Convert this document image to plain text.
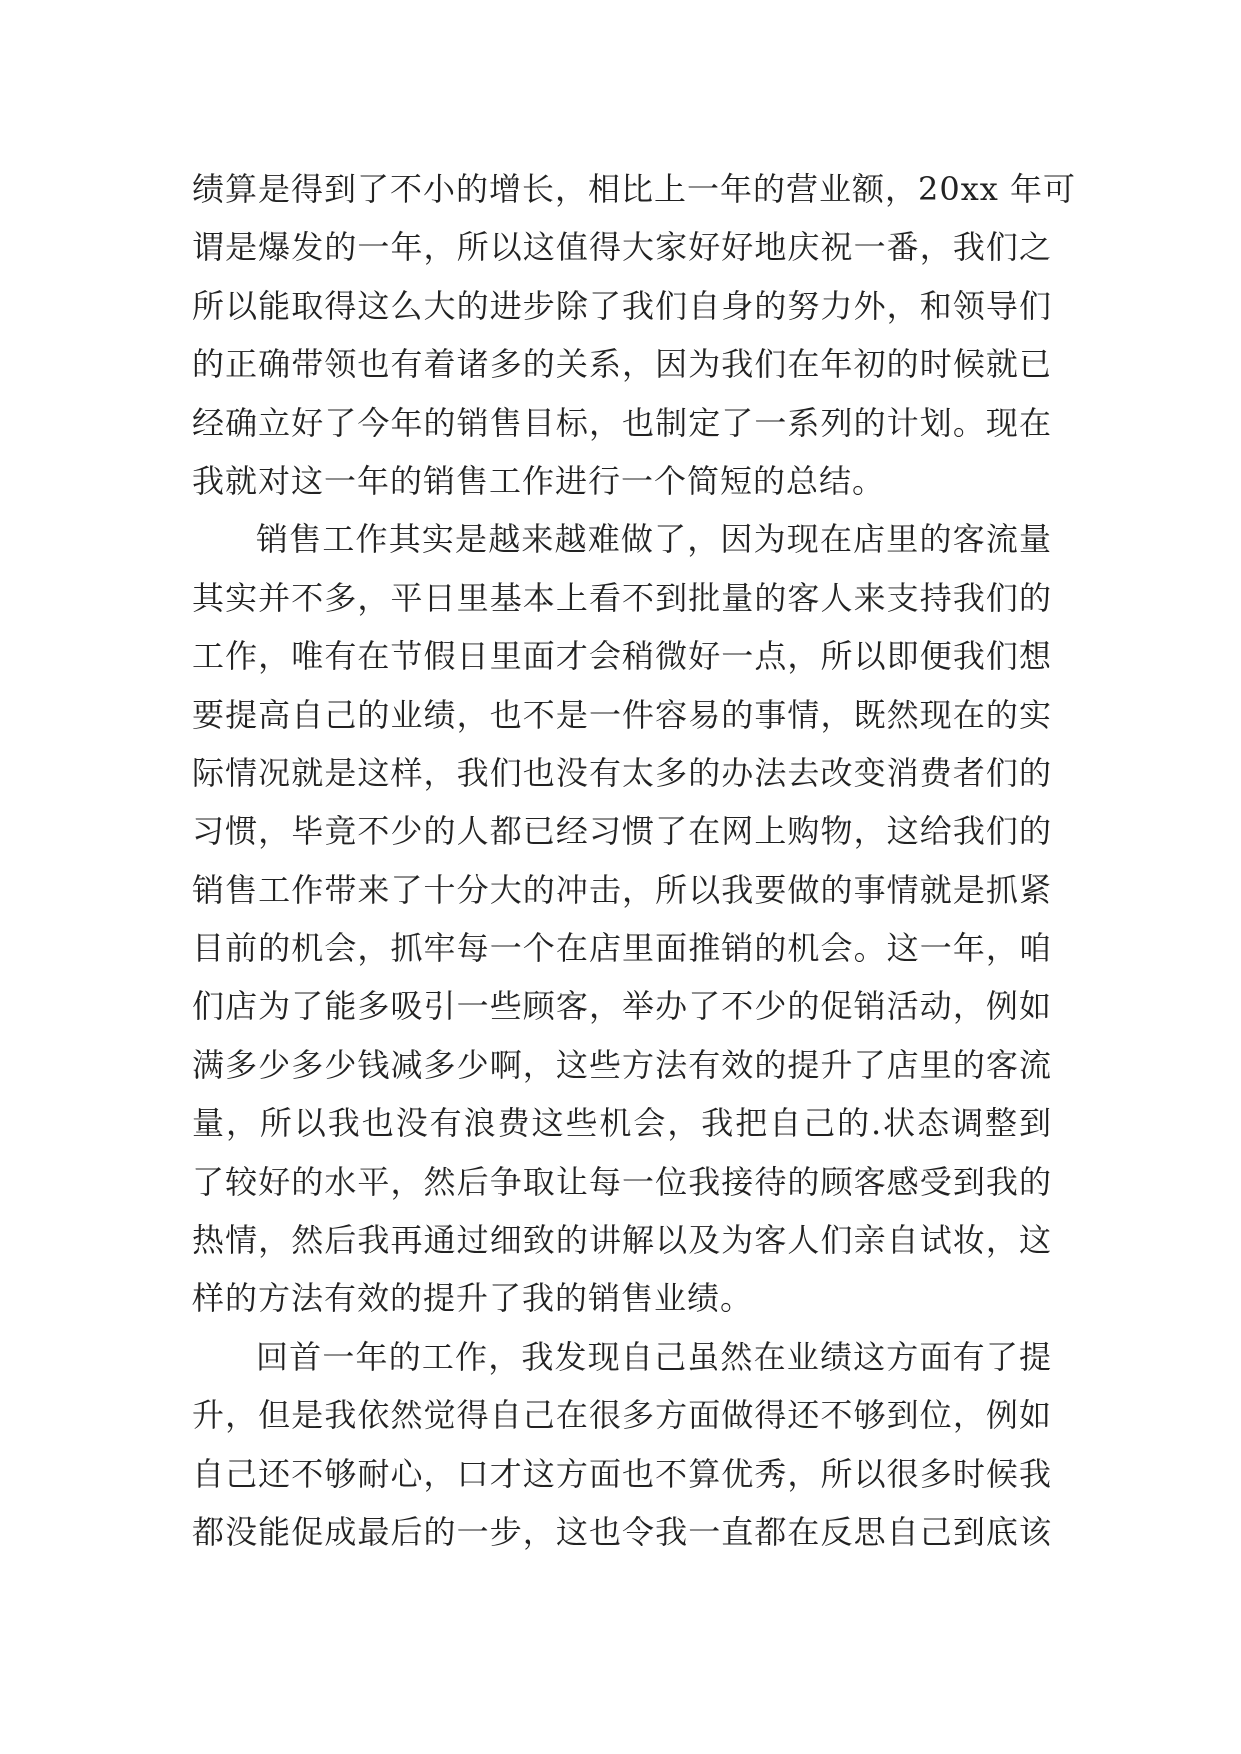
绩算是得到了不小的增长，相比上一年的营业额，20xx 年可
谓是爆发的一年，所以这值得大家好好地庆祝一番，我们之
所以能取得这么大的进步除了我们自身的努力外，和领导们
的正确带领也有着诸多的关系，因为我们在年初的时候就已
经确立好了今年的销售目标，也制定了一系列的计划。现在
我就对这一年的销售工作进行一个简短的总结。
销售工作其实是越来越难做了，因为现在店里的客流量
其实并不多，平日里基本上看不到批量的客人来支持我们的
工作，唯有在节假日里面才会稍微好一点，所以即便我们想
要提高自己的业绩，也不是一件容易的事情，既然现在的实
际情况就是这样，我们也没有太多的办法去改变消费者们的
习惯，毕竟不少的人都已经习惯了在网上购物，这给我们的
销售工作带来了十分大的冲击，所以我要做的事情就是抓紧
目前的机会，抓牢每一个在店里面推销的机会。这一年，咱
们店为了能多吸引一些顾客，举办了不少的促销活动，例如
满多少多少钱减多少啊，这些方法有效的提升了店里的客流
量，所以我也没有浪费这些机会，我把自己的.状态调整到
了较好的水平，然后争取让每一位我接待的顾客感受到我的
热情，然后我再通过细致的讲解以及为客人们亲自试妆，这
样的方法有效的提升了我的销售业绩。
回首一年的工作，我发现自己虽然在业绩这方面有了提
升，但是我依然觉得自己在很多方面做得还不够到位，例如
自己还不够耐心，口才这方面也不算优秀，所以很多时候我
都没能促成最后的一步，这也令我一直都在反思自己到底该
